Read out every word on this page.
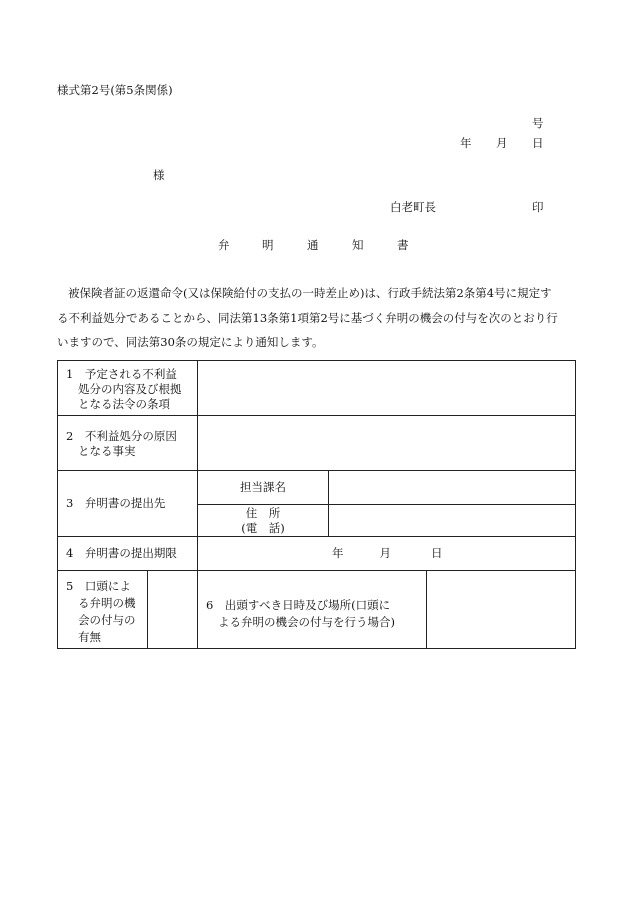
様式第2号(第5条関係)
号
年 月 日
様
白老町長	印
弁	明	通	知	書

被保険者証の返還命令(又は保険給付の支払の一時差止め)は、行政手続法第2条第4号に規定す

る不利益処分であることから、同法第13条第1項第2号に基づく弁明の機会の付与を次のとおり行

いますので、同法第30条の規定により通知します。

1　予定される不利益
処分の内容及び根拠
となる法令の条項				

2　不利益処分の原因
となる事実				

3　弁明書の提出先		担当課名		

		住　所
(電　話)		

4　弁明書の提出期限		年 月 日		

5　口頭によ
る弁明の機
会の付与の
有無		6　出頭すべき日時及び場所(口頭に
よる弁明の機会の付与を行う場合)		
